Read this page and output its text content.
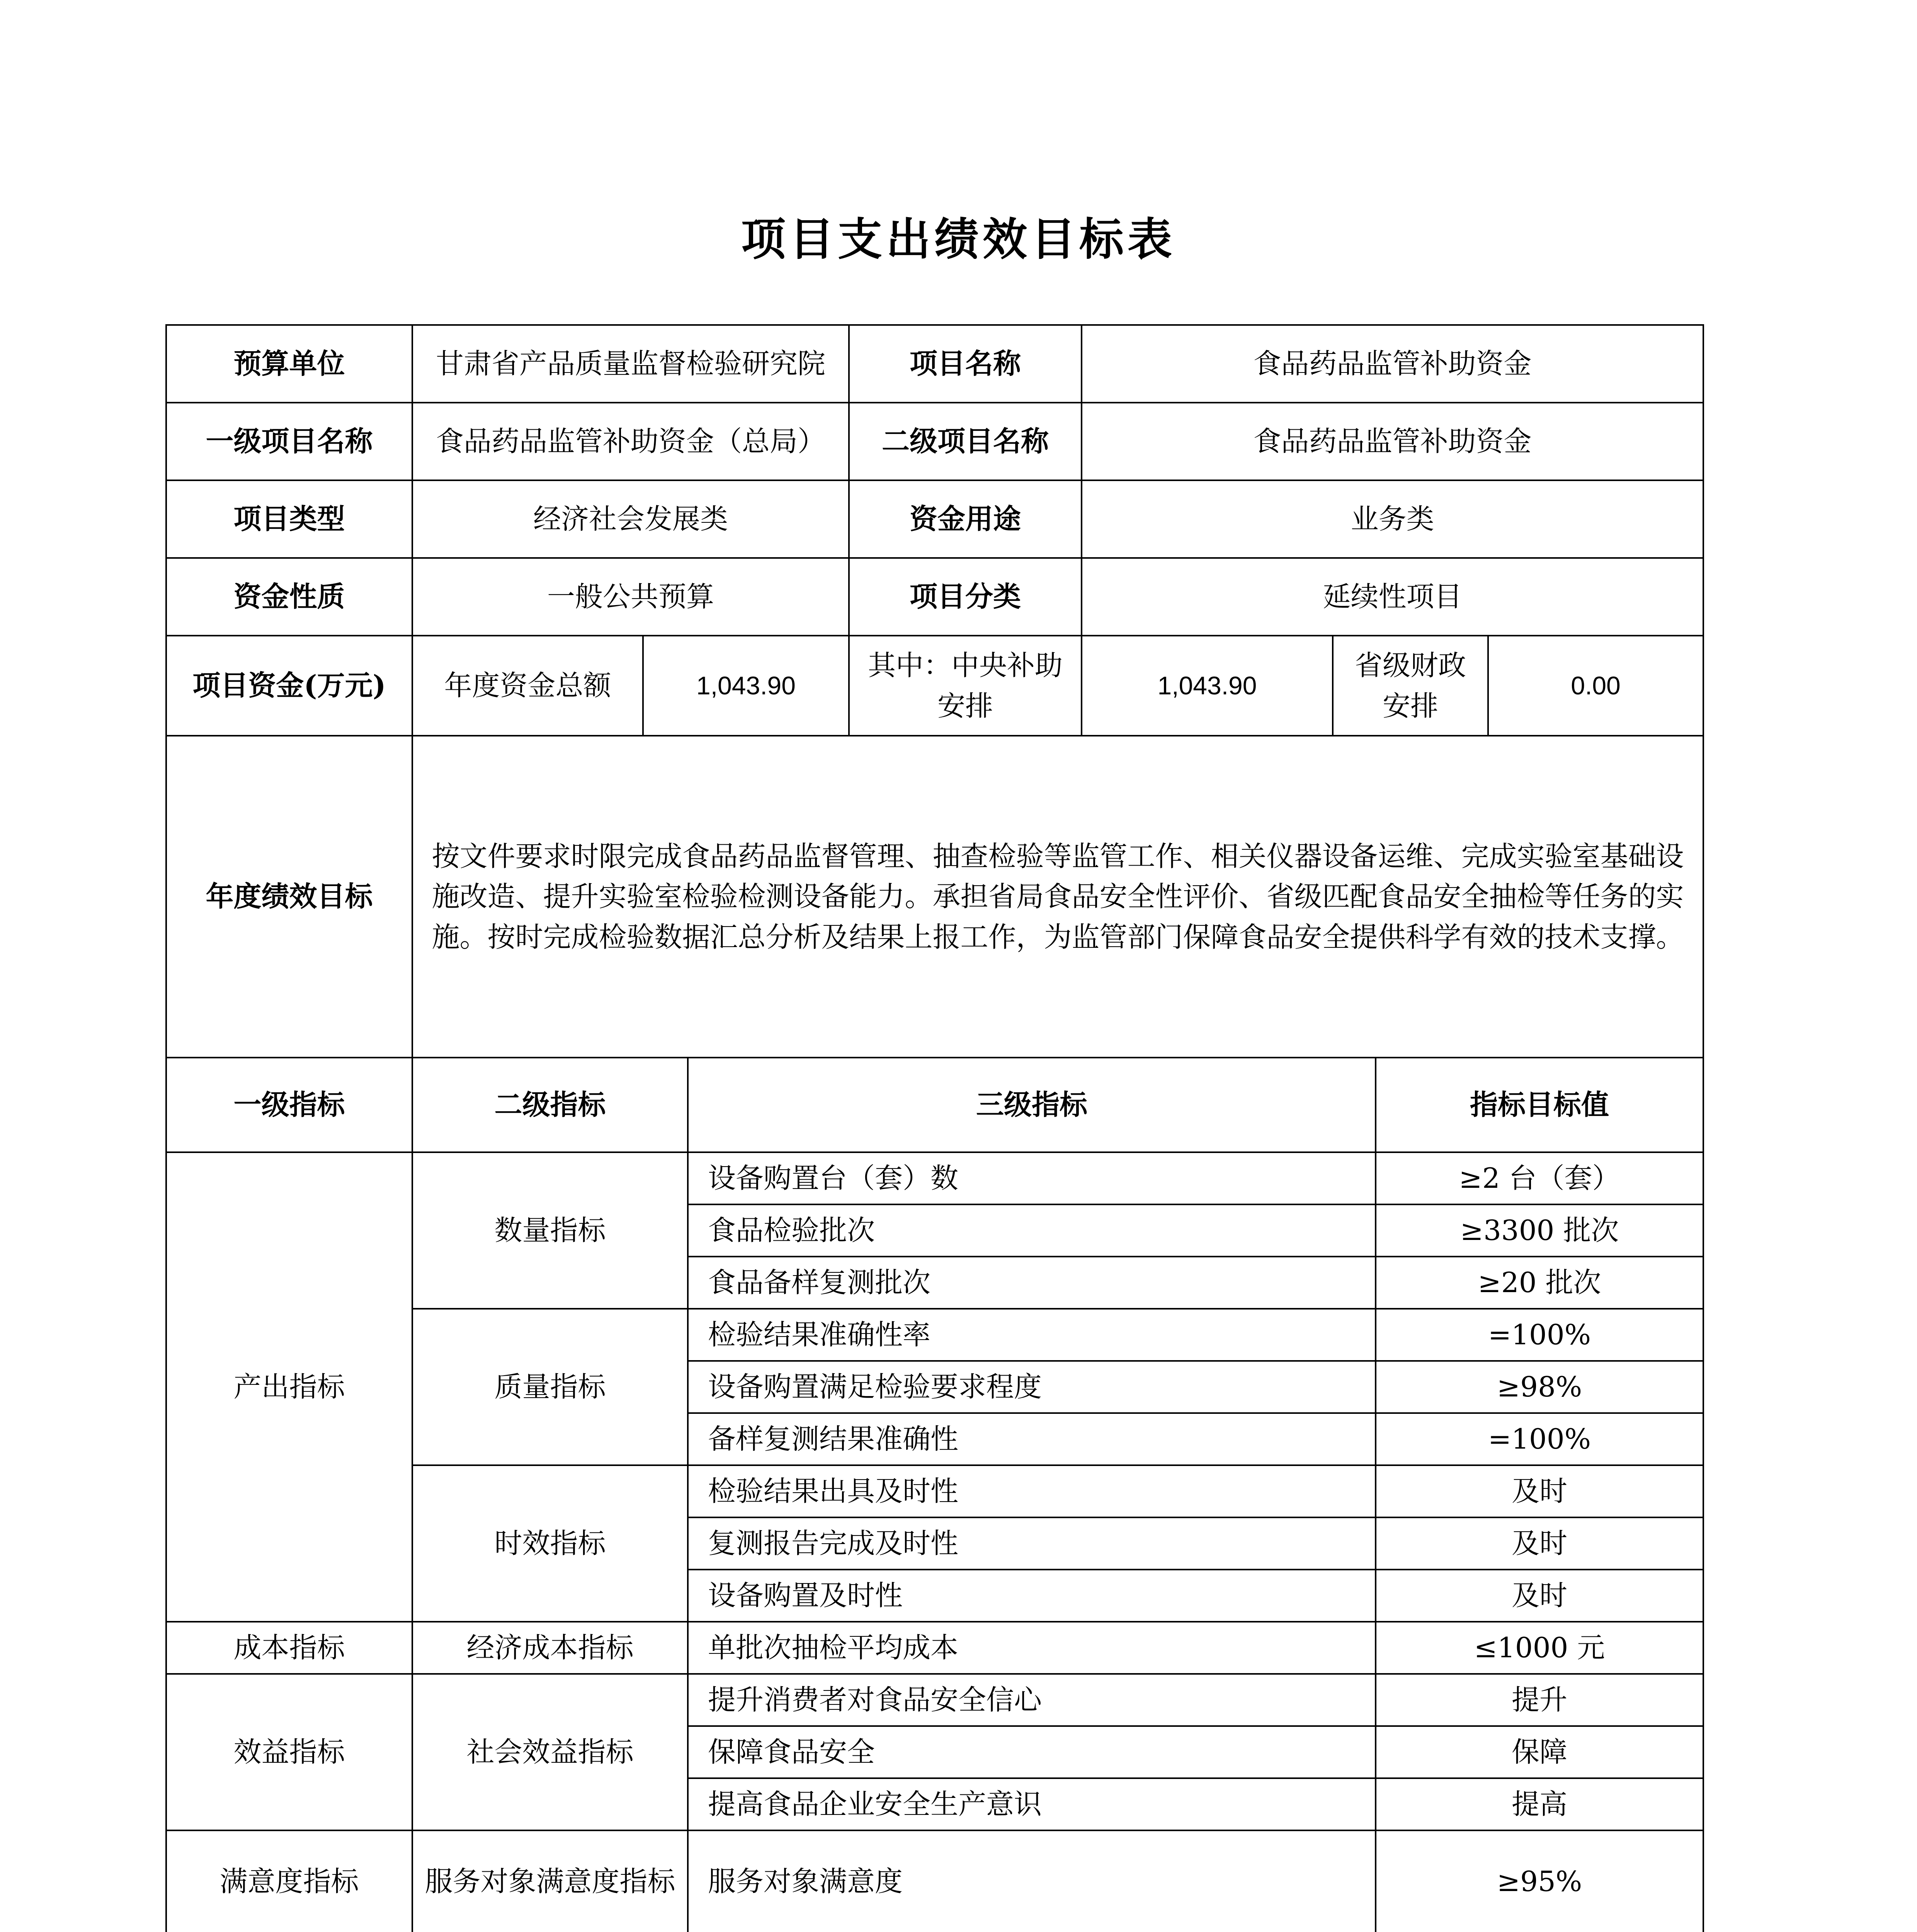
项目支出绩效目标表
预算单位	甘肃省产品质量监督检验研究院		项目名称	食品药品监管补助资金		
一级项目名称	食品药品监管补助资金（总局）		二级项目名称	食品药品监管补助资金		
项目类型	经济社会发展类		资金用途	业务类		
资金性质	一般公共预算		项目分类	延续性项目		
项目资金(万元)	年度资金总额	1,043.90	其中：中央补助安排	1,043.90	省级财政安排	0.00
年度绩效目标	按文件要求时限完成食品药品监督管理、抽查检验等监管工作、相关仪器设备运维、完成实验室基础设施改造、提升实验室检验检测设备能力。承担省局食品安全性评价、省级匹配食品安全抽检等任务的实施。按时完成检验数据汇总分析及结果上报工作，为监管部门保障食品安全提供科学有效的技术支撑。
一级指标	二级指标	三级指标	指标目标值
产出指标	数量指标	设备购置台（套）数	≥2 台（套）
		食品检验批次	≥3300 批次
		食品备样复测批次	≥20 批次
	质量指标	检验结果准确性率	=100%
		设备购置满足检验要求程度	≥98%
		备样复测结果准确性	=100%
	时效指标	检验结果出具及时性	及时
		复测报告完成及时性	及时
		设备购置及时性	及时
成本指标	经济成本指标	单批次抽检平均成本	≤1000 元
效益指标	社会效益指标	提升消费者对食品安全信心	提升
		保障食品安全	保障
		提高食品企业安全生产意识	提高
满意度指标	服务对象满意度指标	服务对象满意度	≥95%
